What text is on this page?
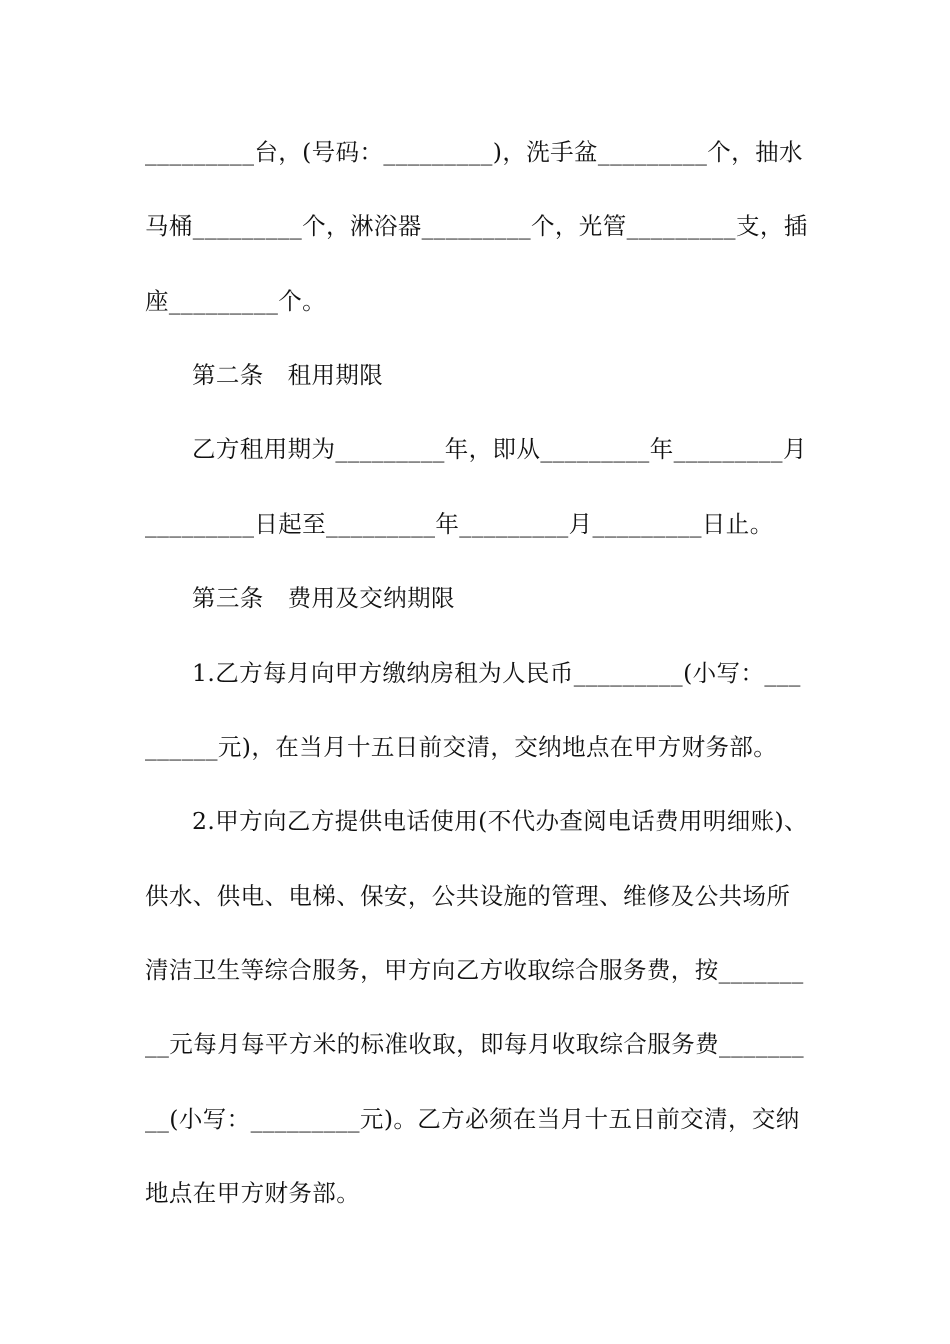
_________台，(号码：_________)，洗手盆_________个，抽水
马桶_________个，淋浴器_________个，光管_________支，插
座_________个。
第二条　租用期限
乙方租用期为_________年，即从_________年_________月
_________日起至_________年_________月_________日止。
第三条　费用及交纳期限
1.乙方每月向甲方缴纳房租为人民币_________(小写：___
______元)，在当月十五日前交清，交纳地点在甲方财务部。
2.甲方向乙方提供电话使用(不代办查阅电话费用明细账)、
供水、供电、电梯、保安，公共设施的管理、维修及公共场所
清洁卫生等综合服务，甲方向乙方收取综合服务费，按_______
__元每月每平方米的标准收取，即每月收取综合服务费_______
__(小写：_________元)。乙方必须在当月十五日前交清，交纳
地点在甲方财务部。
